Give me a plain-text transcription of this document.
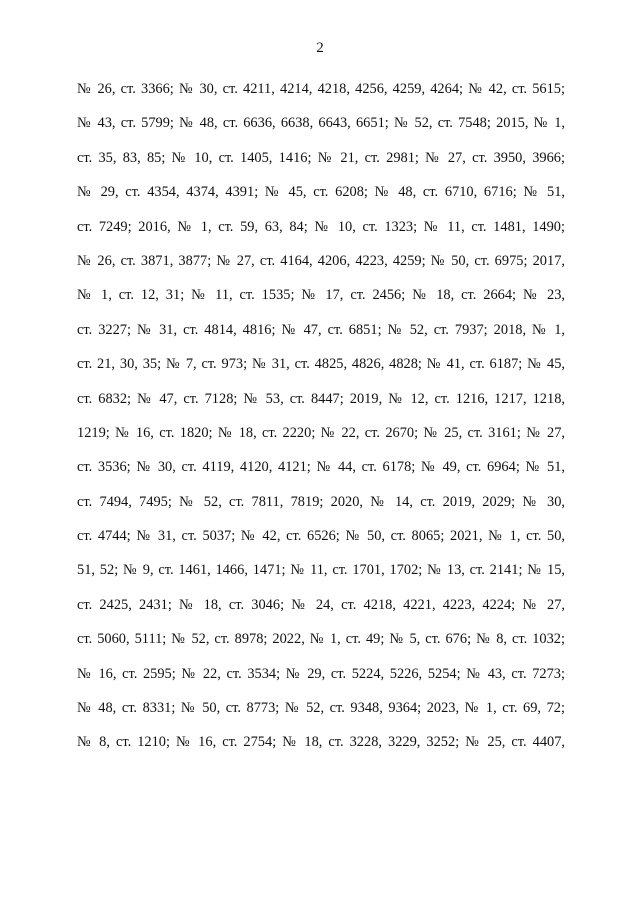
2
№ 26, ст. 3366; № 30, ст. 4211, 4214, 4218, 4256, 4259, 4264; № 42, ст. 5615;
№ 43, ст. 5799; № 48, ст. 6636, 6638, 6643, 6651; № 52, ст. 7548; 2015, № 1,
ст. 35, 83, 85; № 10, ст. 1405, 1416; № 21, ст. 2981; № 27, ст. 3950, 3966;
№ 29, ст. 4354, 4374, 4391; № 45, ст. 6208; № 48, ст. 6710, 6716; № 51,
ст. 7249; 2016, № 1, ст. 59, 63, 84; № 10, ст. 1323; № 11, ст. 1481, 1490;
№ 26, ст. 3871, 3877; № 27, ст. 4164, 4206, 4223, 4259; № 50, ст. 6975; 2017,
№ 1, ст. 12, 31; № 11, ст. 1535; № 17, ст. 2456; № 18, ст. 2664; № 23,
ст. 3227; № 31, ст. 4814, 4816; № 47, ст. 6851; № 52, ст. 7937; 2018, № 1,
ст. 21, 30, 35; № 7, ст. 973; № 31, ст. 4825, 4826, 4828; № 41, ст. 6187; № 45,
ст. 6832; № 47, ст. 7128; № 53, ст. 8447; 2019, № 12, ст. 1216, 1217, 1218,
1219; № 16, ст. 1820; № 18, ст. 2220; № 22, ст. 2670; № 25, ст. 3161; № 27,
ст. 3536; № 30, ст. 4119, 4120, 4121; № 44, ст. 6178; № 49, ст. 6964; № 51,
ст. 7494, 7495; № 52, ст. 7811, 7819; 2020, № 14, ст. 2019, 2029; № 30,
ст. 4744; № 31, ст. 5037; № 42, ст. 6526; № 50, ст. 8065; 2021, № 1, ст. 50,
51, 52; № 9, ст. 1461, 1466, 1471; № 11, ст. 1701, 1702; № 13, ст. 2141; № 15,
ст. 2425, 2431; № 18, ст. 3046; № 24, ст. 4218, 4221, 4223, 4224; № 27,
ст. 5060, 5111; № 52, ст. 8978; 2022, № 1, ст. 49; № 5, ст. 676; № 8, ст. 1032;
№ 16, ст. 2595; № 22, ст. 3534; № 29, ст. 5224, 5226, 5254; № 43, ст. 7273;
№ 48, ст. 8331; № 50, ст. 8773; № 52, ст. 9348, 9364; 2023, № 1, ст. 69, 72;
№ 8, ст. 1210; № 16, ст. 2754; № 18, ст. 3228, 3229, 3252; № 25, ст. 4407,
